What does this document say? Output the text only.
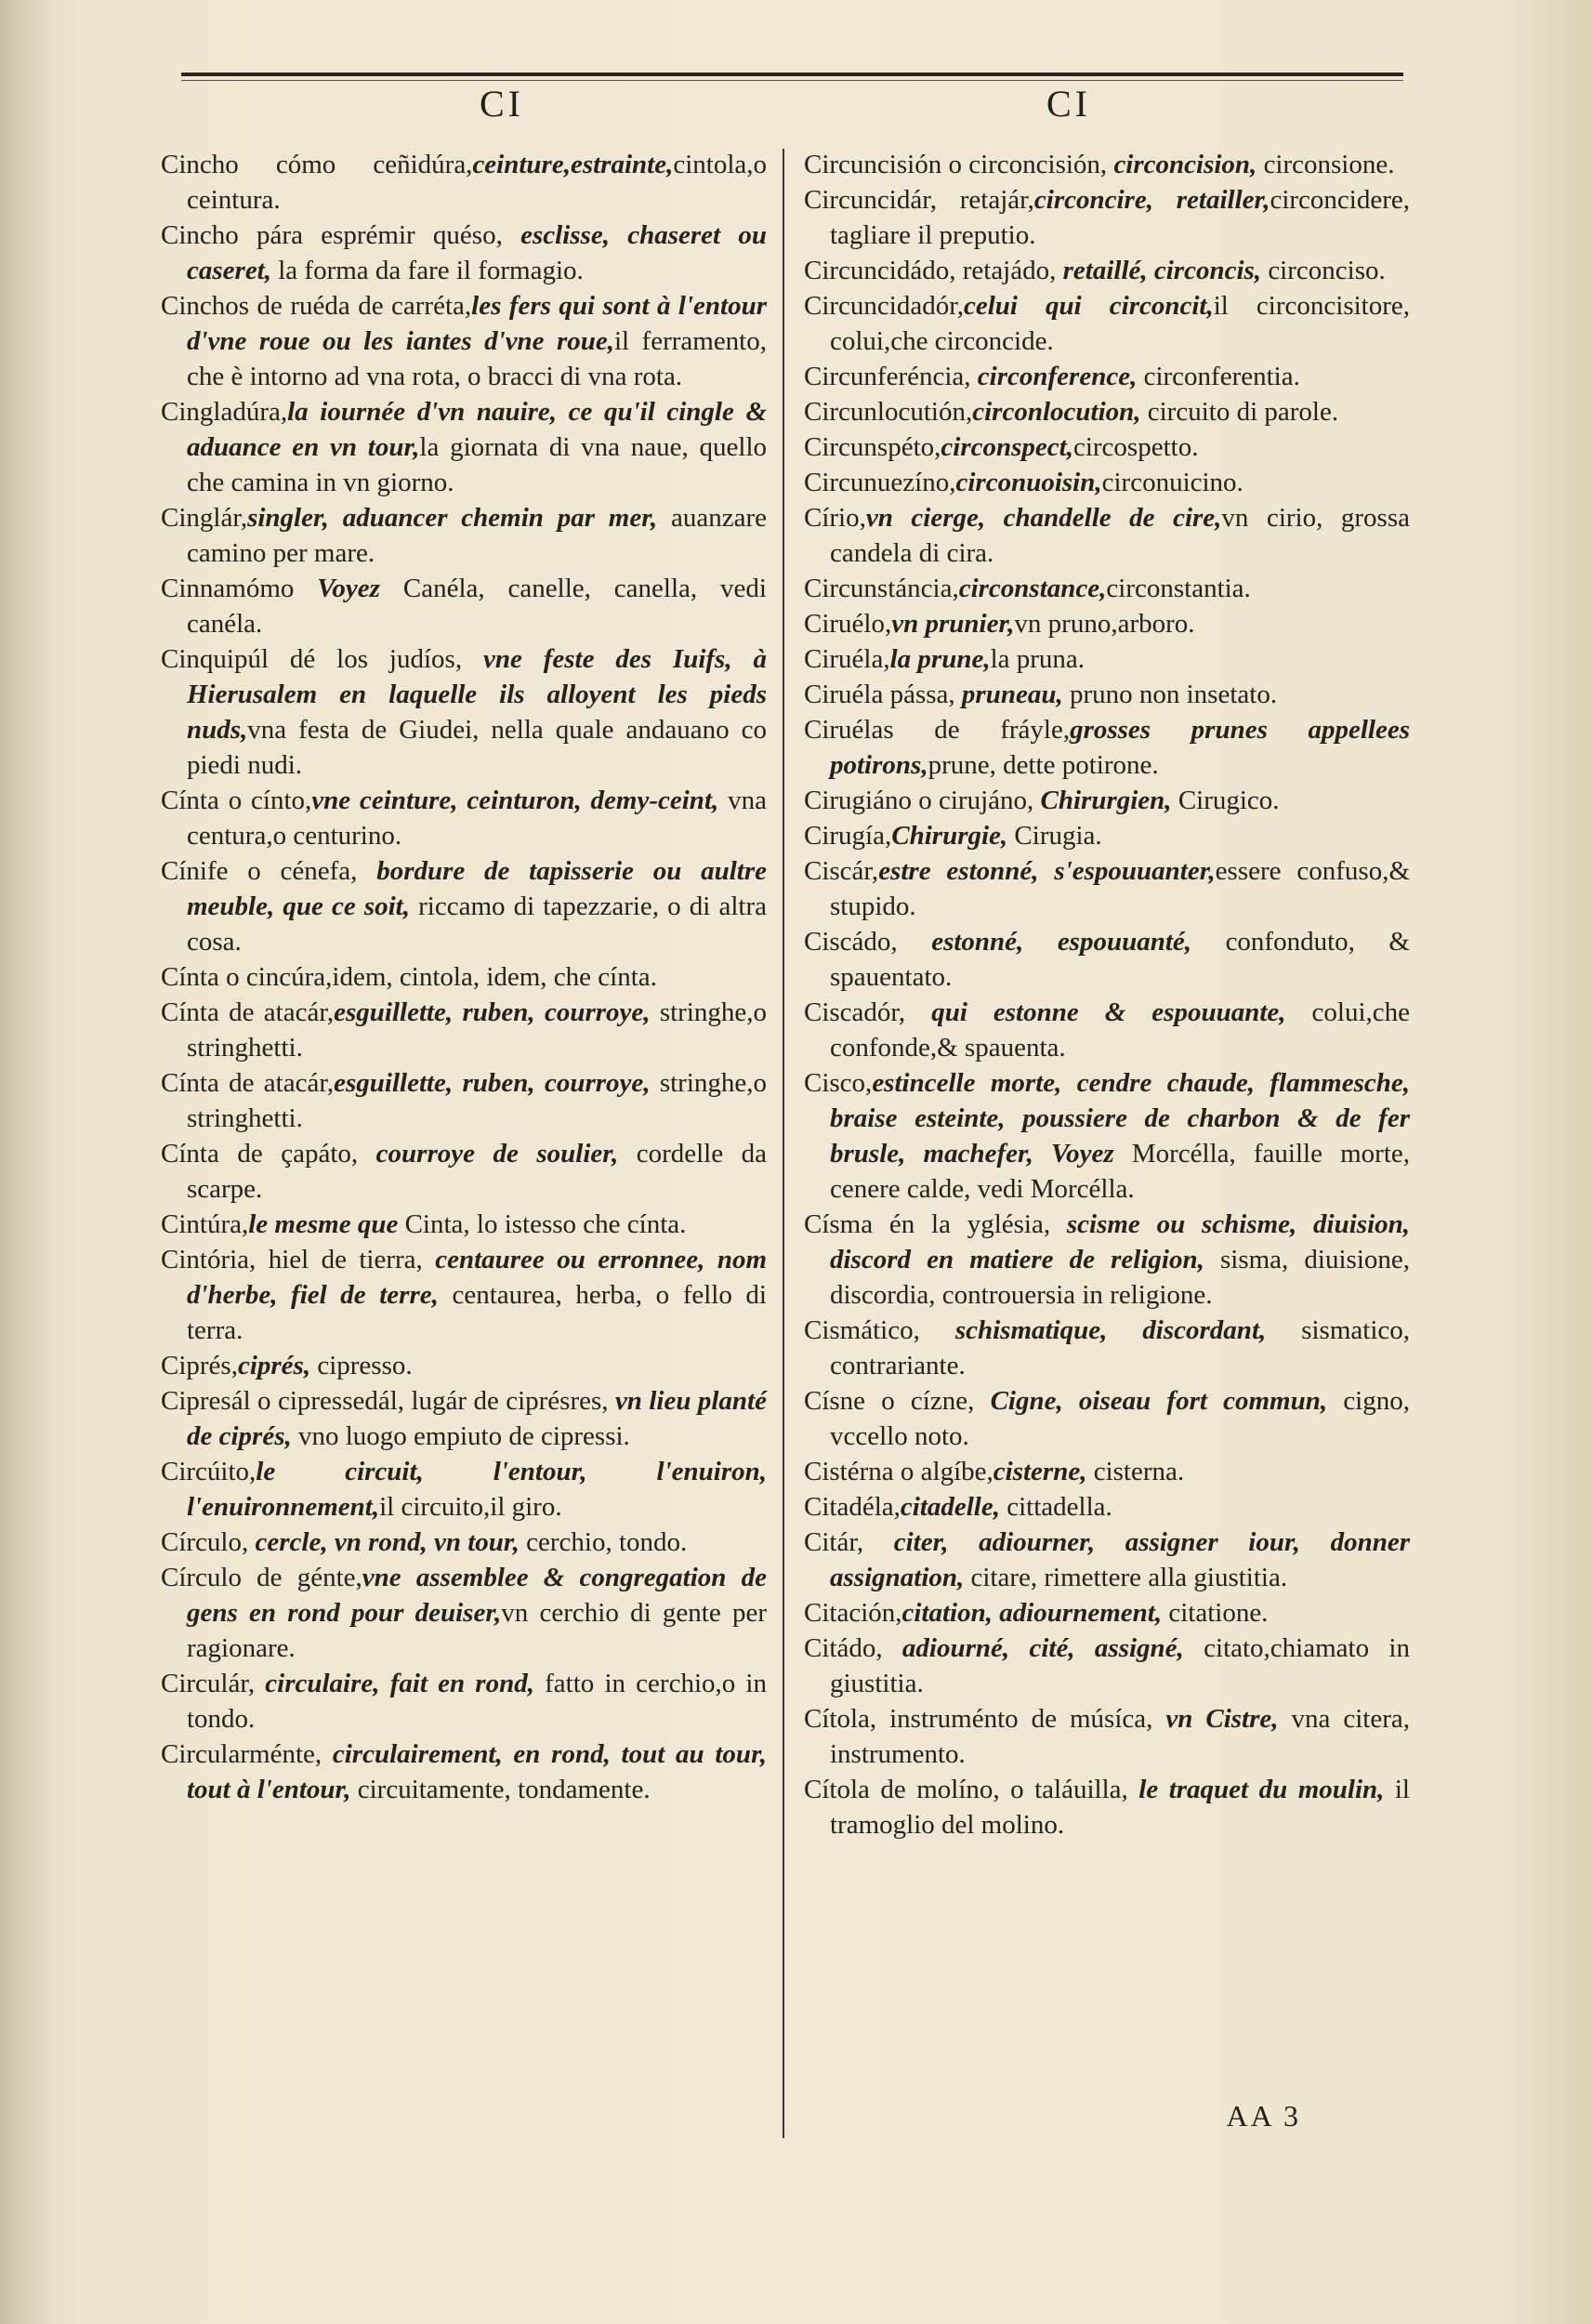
CI	CI

Cincho cómo ceñidúra,ceinture,estrainte,cintola,o ceintura.

Cincho pára esprémir quéso, esclisse, chaseret ou caseret, la forma da fare il formagio.

Cinchos de ruéda de carréta,les fers qui sont à l'entour d'vne roue ou les iantes d'vne roue,il ferramento, che è intorno ad vna rota, o bracci di vna rota.

Cingladúra,la iournée d'vn nauire, ce qu'il cingle & aduance en vn tour,la giornata di vna naue, quello che camina in vn giorno.

Cinglár,singler, aduancer chemin par mer, auanzare camino per mare.

Cinnamómo Voyez Canéla, canelle, canella, vedi canéla.

Cinquipúl dé los judíos, vne feste des Iuifs, à Hierusalem en laquelle ils alloyent les pieds nuds,vna festa de Giudei, nella quale andauano co piedi nudi.

Cínta o cínto,vne ceinture, ceinturon, demy-ceint, vna centura,o centurino.

Cínife o cénefa, bordure de tapisserie ou aultre meuble, que ce soit, riccamo di tapezzarie, o di altra cosa.

Cínta o cincúra,idem, cintola, idem, che cínta.

Cínta de atacár,esguillette, ruben, courroye, stringhe,o stringhetti.

Cínta de atacár,esguillette, ruben, courroye, stringhe,o stringhetti.

Cínta de çapáto, courroye de soulier, cordelle da scarpe.

Cintúra,le mesme que Cinta, lo istesso che cínta.

Cintória, hiel de tierra, centauree ou erronnee, nom d'herbe, fiel de terre, centaurea, herba, o fello di terra.

Ciprés,ciprés, cipresso.

Cipresál o cipressedál, lugár de ciprésres, vn lieu planté de ciprés, vno luogo empiuto de cipressi.

Circúito,le circuit, l'entour, l'enuiron, l'enuironnement,il circuito,il giro.

Círculo, cercle, vn rond, vn tour, cerchio, tondo.

Círculo de génte,vne assemblee & congregation de gens en rond pour deuiser,vn cerchio di gente per ragionare.

Circulár, circulaire, fait en rond, fatto in cerchio,o in tondo.

Circularménte, circulairement, en rond, tout au tour, tout à l'entour, circuitamente, tondamente.

Circuncisión o circoncisión, circoncision, circonsione.

Circuncidár, retajár,circoncire, retailler,circoncidere, tagliare il preputio.

Circuncidádo, retajádo, retaillé, circoncis, circonciso.

Circuncidadór,celui qui circoncit,il circoncisitore, colui,che circoncide.

Circunferéncia, circonference, circonferentia.

Circunlocutión,circonlocution, circuito di parole.

Circunspéto,circonspect,circospetto.

Circunuezíno,circonuoisin,circonuicino.

Círio,vn cierge, chandelle de cire,vn cirio, grossa candela di cira.

Circunstáncia,circonstance,circonstantia.

Ciruélo,vn prunier,vn pruno,arboro.

Ciruéla,la prune,la pruna.

Ciruéla pássa, pruneau, pruno non insetato.

Ciruélas de fráyle,grosses prunes appellees potirons,prune, dette potirone.

Cirugiáno o cirujáno, Chirurgien, Cirugico.

Cirugía,Chirurgie, Cirugia.

Ciscár,estre estonné, s'espouuanter,essere confuso,& stupido.

Ciscádo, estonné, espouuanté, confonduto, & spauentato.

Ciscadór, qui estonne & espouuante, colui,che confonde,& spauenta.

Cisco,estincelle morte, cendre chaude, flammesche, braise esteinte, poussiere de charbon & de fer brusle, machefer, Voyez Morcélla, fauille morte, cenere calde, vedi Morcélla.

Císma én la yglésia, scisme ou schisme, diuision, discord en matiere de religion, sisma, diuisione, discordia, controuersia in religione.

Cismático, schismatique, discordant, sismatico, contrariante.

Císne o cízne, Cigne, oiseau fort commun, cigno, vccello noto.

Cistérna o algíbe,cisterne, cisterna.

Citadéla,citadelle, cittadella.

Citár, citer, adiourner, assigner iour, donner assignation, citare, rimettere alla giustitia.

Citación,citation, adiournement, citatione.

Citádo, adiourné, cité, assigné, citato,chiamato in giustitia.

Cítola, instruménto de músíca, vn Cistre, vna citera, instrumento.

Cítola de molíno, o taláuilla, le traquet du moulin, il tramoglio del molino.

AA 3
